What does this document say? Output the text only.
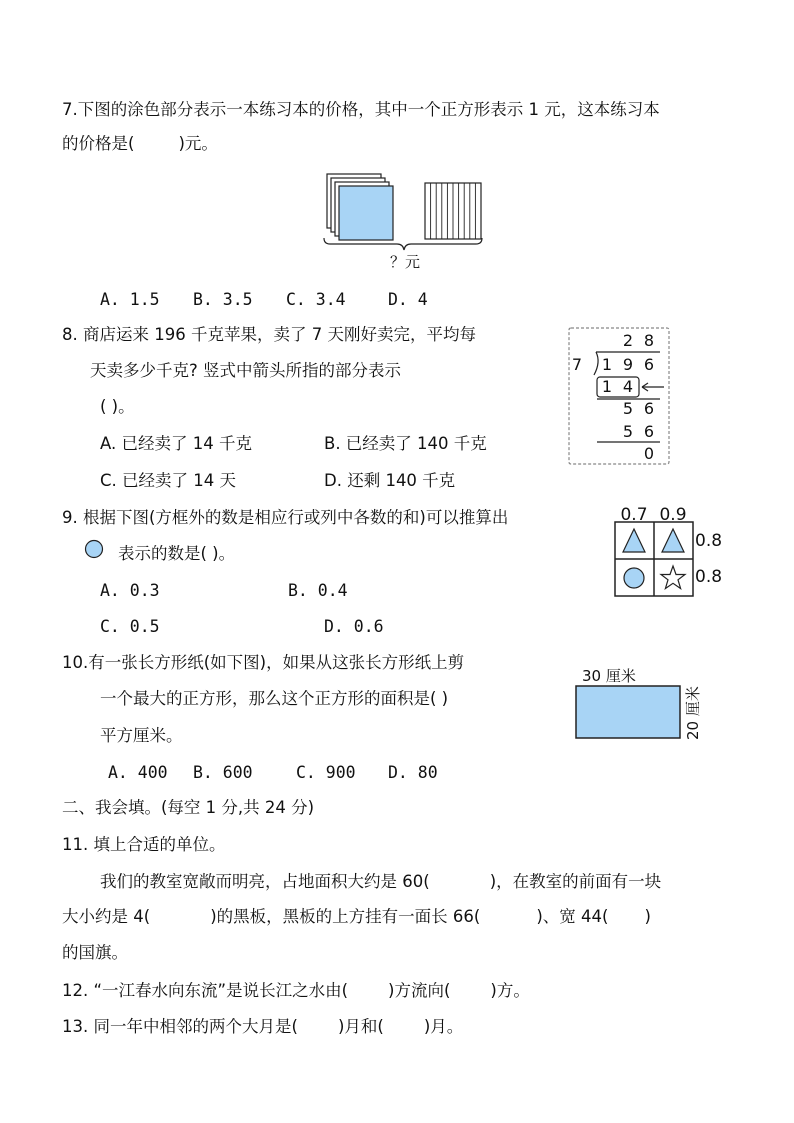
7.下图的涂色部分表示一本练习本的价格，其中一个正方形表示 1 元，这本练习本
的价格是(	)元。
？元
A. 1.5 B. 3.5 C. 3.4	D. 4
8. 商店运来 196 千克苹果，卖了 7 天刚好卖完，平均每
天卖多少千克? 竖式中箭头所指的部分表示
( )。
A. 已经卖了 14 千克	B. 已经卖了 140 千克
C. 已经卖了 14 天	D. 还剩 140 千克
2 8
7 1 9 6
1 4
5 6
5 6
0
9. 根据下图(方框外的数是相应行或列中各数的和)可以推算出
表示的数是( )。
A. 0.3	B. 0.4
C. 0.5	D. 0.6
0.7 0.9
0.8
0.8
10.有一张长方形纸(如下图)，如果从这张长方形纸上剪
一个最大的正方形，那么这个正方形的面积是( )
平方厘米。
A. 400 B. 600	C. 900 D. 80
30 厘米
20 厘米
二、我会填。(每空 1 分,共 24 分)
11. 填上合适的单位。
我们的教室宽敞而明亮，占地面积大约是 60(	)，在教室的前面有一块
大小约是 4(	)的黑板，黑板的上方挂有一面长 66(	)、宽 44( )
的国旗。
12. “一江春水向东流”是说长江之水由( )方流向( )方。
13. 同一年中相邻的两个大月是( )月和( )月。
